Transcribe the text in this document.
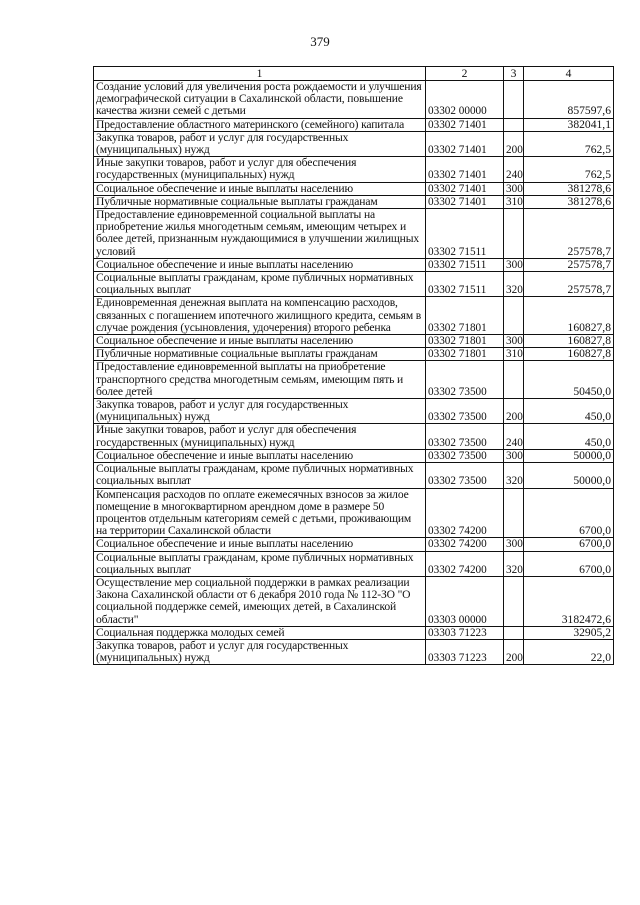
379
1	2	3	4
Создание условий для увеличения роста рождаемости и улучшения демографической ситуации в Сахалинской области, повышение качества жизни семей с детьми	03302 00000		857597,6
Предоставление областного материнского (семейного) капитала	03302 71401		382041,1
Закупка товаров, работ и услуг для государственных (муниципальных) нужд	03302 71401	200	762,5
Иные закупки товаров, работ и услуг для обеспечения государственных (муниципальных) нужд	03302 71401	240	762,5
Социальное обеспечение и иные выплаты населению	03302 71401	300	381278,6
Публичные нормативные социальные выплаты гражданам	03302 71401	310	381278,6
Предоставление единовременной социальной выплаты на приобретение жилья многодетным семьям, имеющим четырех и более детей, признанным нуждающимися в улучшении жилищных условий	03302 71511		257578,7
Социальное обеспечение и иные выплаты населению	03302 71511	300	257578,7
Социальные выплаты гражданам, кроме публичных нормативных социальных выплат	03302 71511	320	257578,7
Единовременная денежная выплата на компенсацию расходов, связанных с погашением ипотечного жилищного кредита, семьям в случае рождения (усыновления, удочерения) второго ребенка	03302 71801		160827,8
Социальное обеспечение и иные выплаты населению	03302 71801	300	160827,8
Публичные нормативные социальные выплаты гражданам	03302 71801	310	160827,8
Предоставление единовременной выплаты на приобретение транспортного средства многодетным семьям, имеющим пять и более детей	03302 73500		50450,0
Закупка товаров, работ и услуг для государственных (муниципальных) нужд	03302 73500	200	450,0
Иные закупки товаров, работ и услуг для обеспечения государственных (муниципальных) нужд	03302 73500	240	450,0
Социальное обеспечение и иные выплаты населению	03302 73500	300	50000,0
Социальные выплаты гражданам, кроме публичных нормативных социальных выплат	03302 73500	320	50000,0
Компенсация расходов по оплате ежемесячных взносов за жилое помещение в многоквартирном арендном доме в размере 50 процентов отдельным категориям семей с детьми, проживающим на территории Сахалинской области	03302 74200		6700,0
Социальное обеспечение и иные выплаты населению	03302 74200	300	6700,0
Социальные выплаты гражданам, кроме публичных нормативных социальных выплат	03302 74200	320	6700,0
Осуществление мер социальной поддержки в рамках реализации Закона Сахалинской области от 6 декабря 2010 года № 112-ЗО "О социальной поддержке семей, имеющих детей, в Сахалинской области"	03303 00000		3182472,6
Социальная поддержка молодых семей	03303 71223		32905,2
Закупка товаров, работ и услуг для государственных (муниципальных) нужд	03303 71223	200	22,0
